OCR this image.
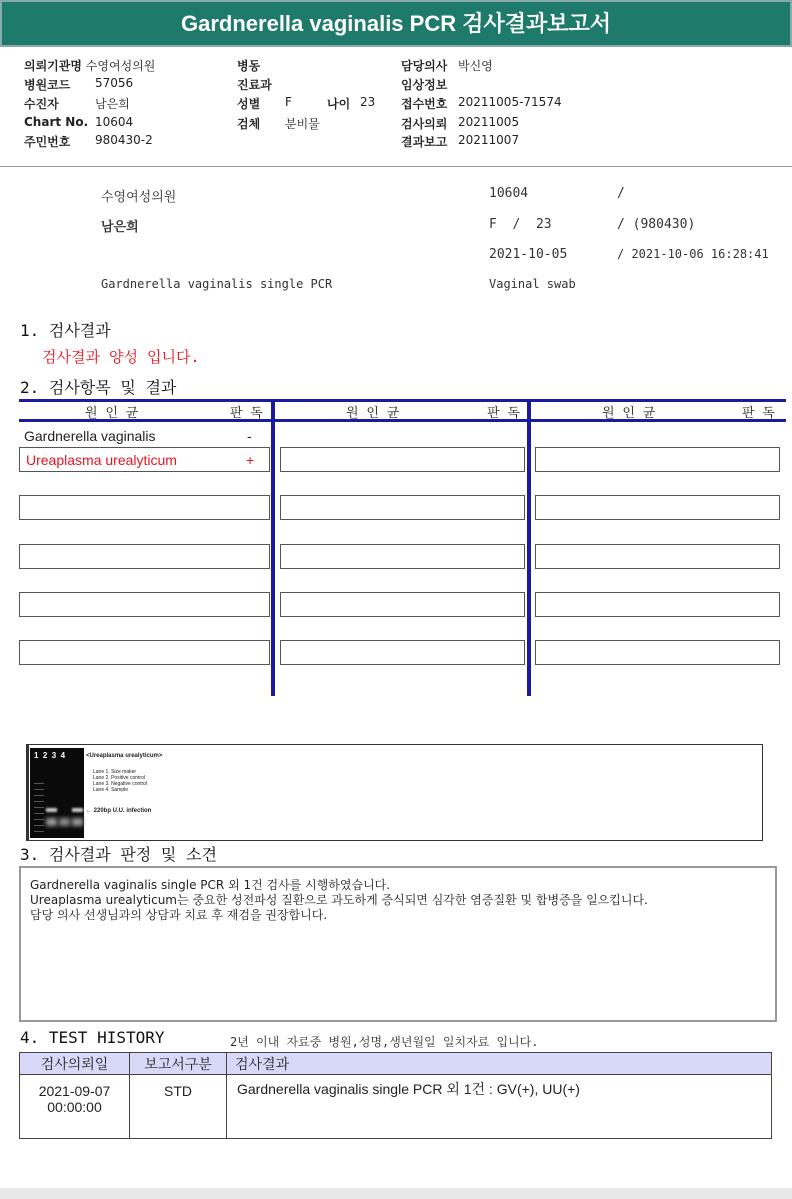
Gardnerella vaginalis PCR 검사결과보고서
의뢰기관명 수영여성의원
병원코드 57056
수진자	남은희
Chart No. 10604
주민번호 980430-2
병동
진료과
성별 F	나이 23
검체 분비물
담당의사 박신영
임상정보
접수번호 20211005-71574
검사의뢰 20211005
결과보고 20211007
수영여성의원	10604	/
남은희	F  /  23	/ (980430)
2021-10-05	/ 2021-10-06 16:28:41
Gardnerella vaginalis single PCR	Vaginal swab
1. 검사결과
검사결과 양성 입니다.
2. 검사항목 및 결과
원 인 균	판 독	원 인 균	판 독	원 인 균	판 독
Gardnerella vaginalis	-
Ureaplasma urealyticum	+
1  2  3  4	<Ureaplasma urealyticum>
Lane 1. Size maker
Lane 2. Positive control
Lane 3. Negative control
Lane 4. Sample
← 220bp U.U. infection
3. 검사결과 판정 및 소견
Gardnerella vaginalis single PCR 외 1건 검사를 시행하였습니다.
Ureaplasma urealyticum는 중요한 성전파성 질환으로 과도하게 증식되면 심각한 염증질환 및 합병증을 일으킵니다.
담당 의사 선생님과의 상담과 치료 후 재검을 권장합니다.
4. TEST HISTORY	2년 이내 자료중 병원,성명,생년월일 일치자료 입니다.
검사의뢰일	보고서구분	검사결과

2021-09-07
00:00:00	STD	Gardnerella vaginalis single PCR 외 1건 : GV(+), UU(+)
